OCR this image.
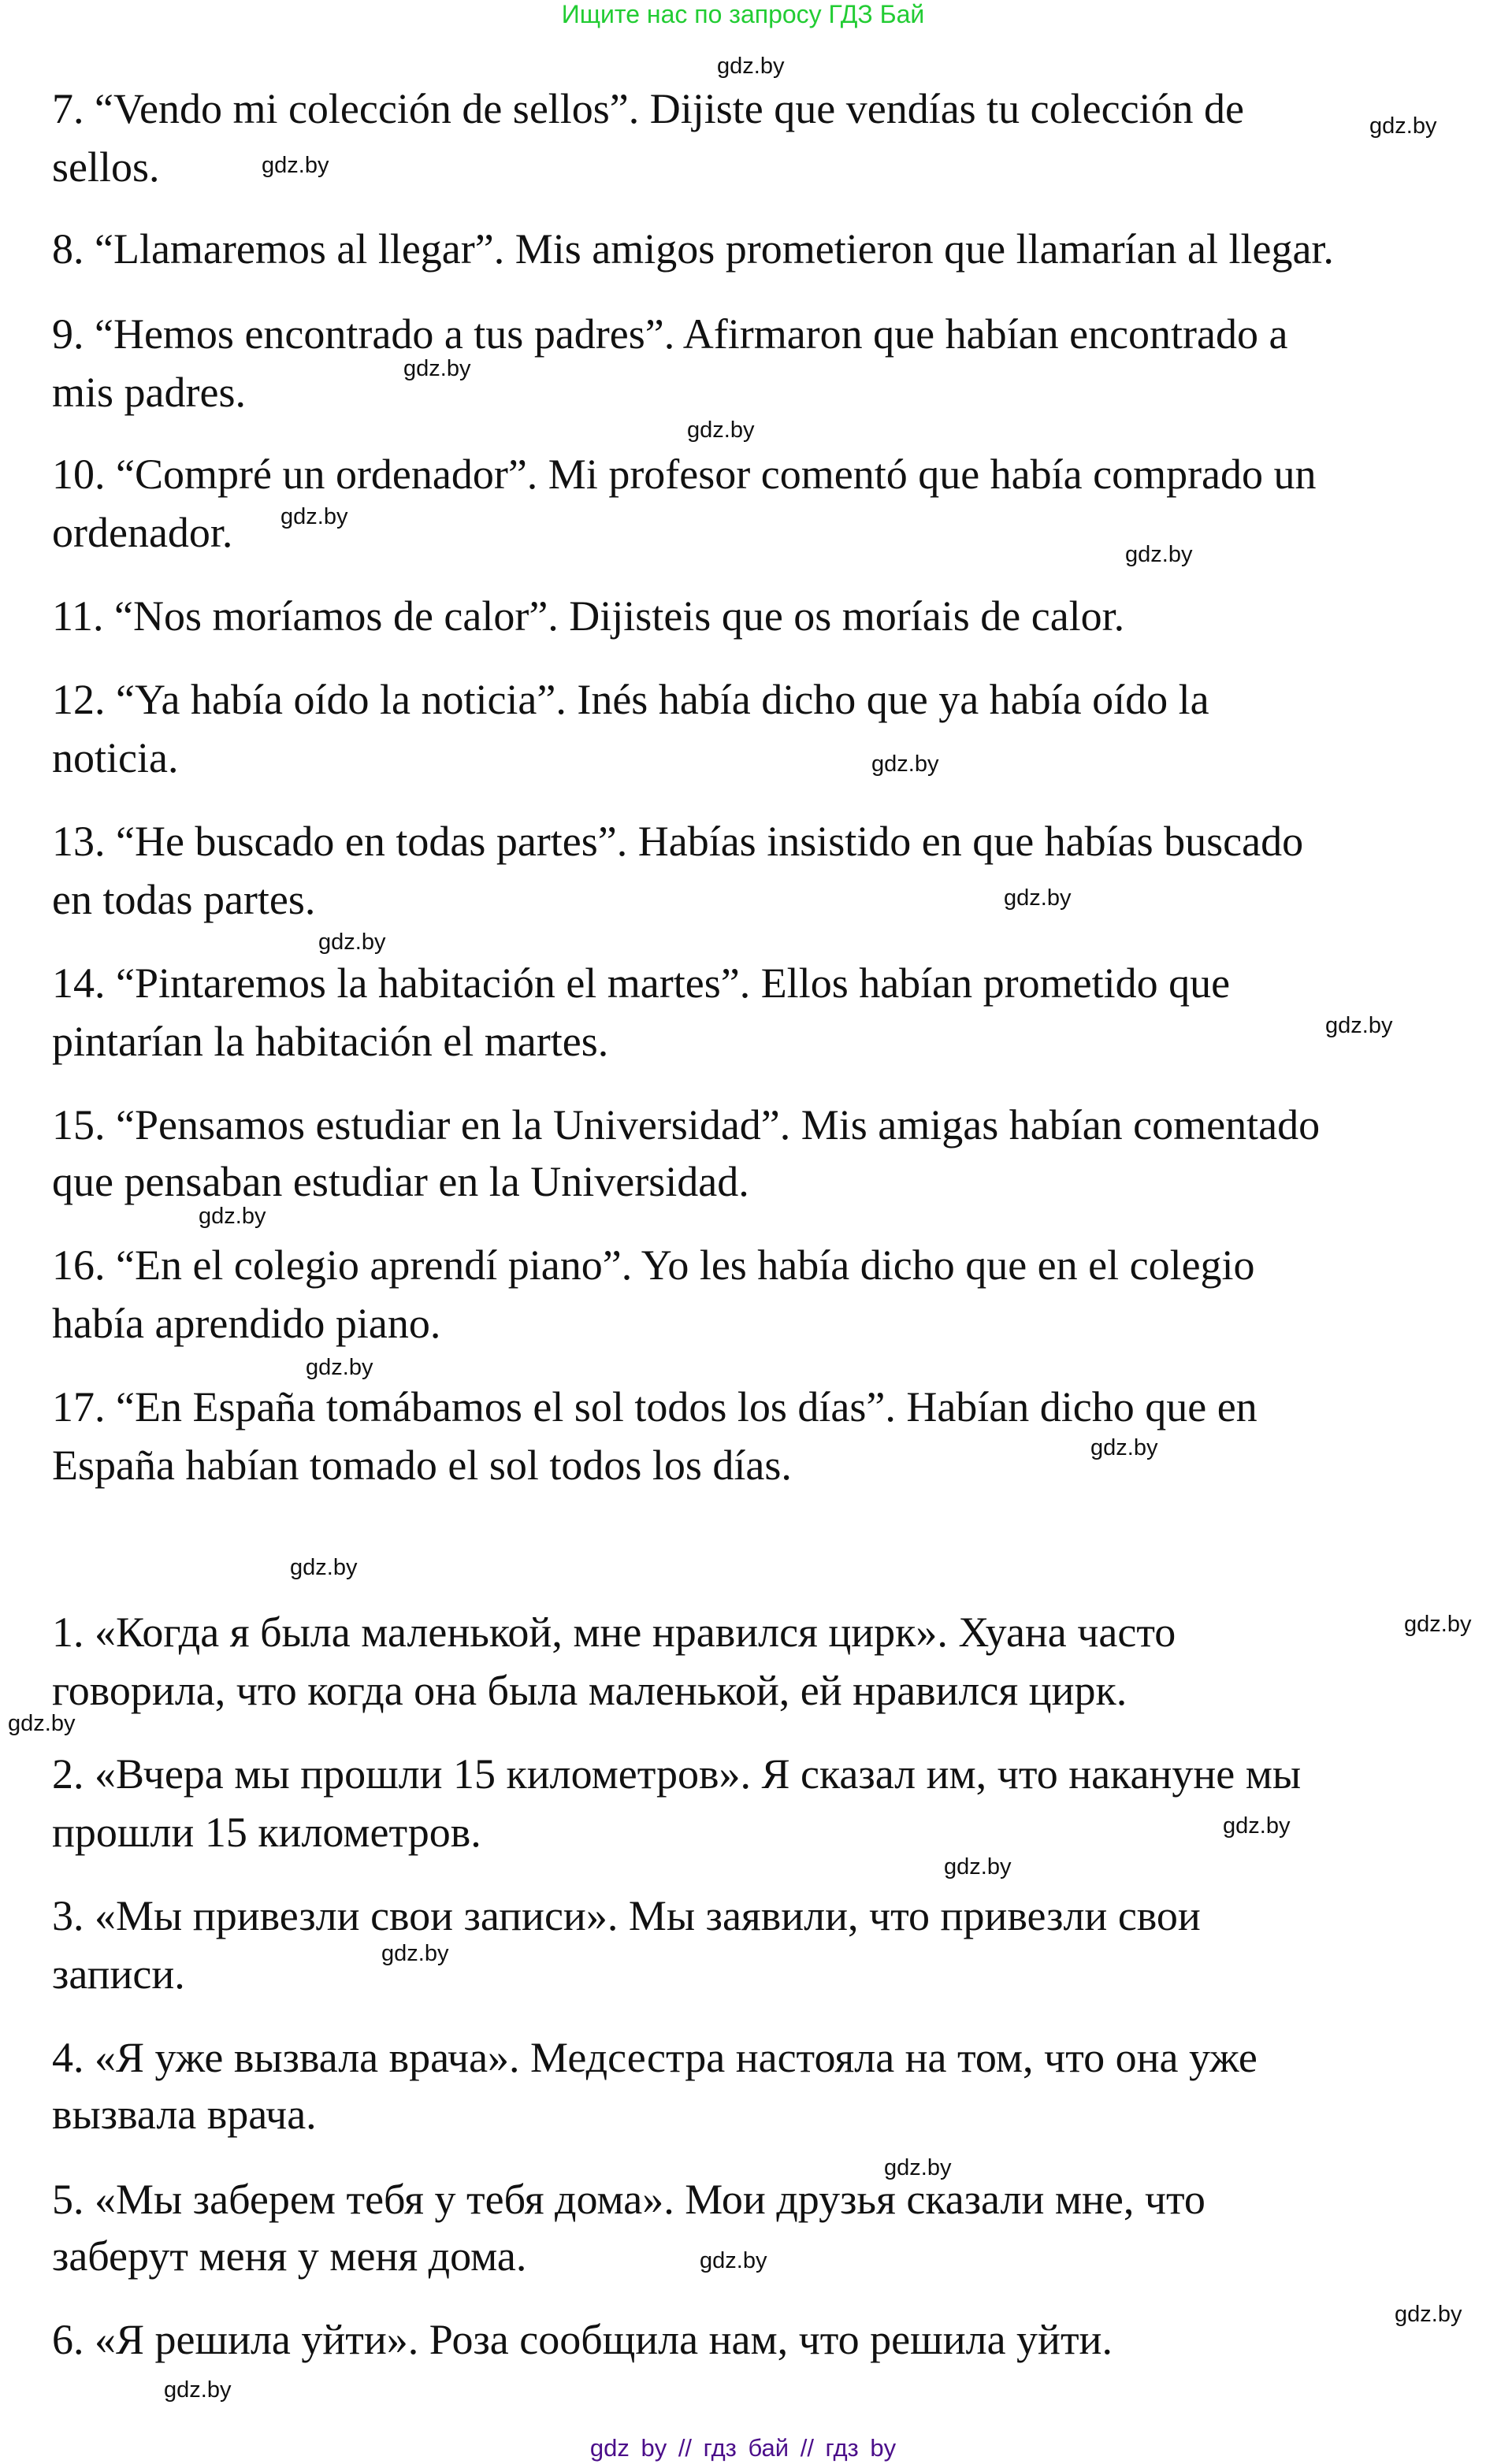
Ищите нас по запросу ГДЗ Бай
7. “Vendo mi colección de sellos”. Dijiste que vendías tu colección de
sellos.
8. “Llamaremos al llegar”. Mis amigos prometieron que llamarían al llegar.
9. “Hemos encontrado a tus padres”. Afirmaron que habían encontrado a
mis padres.
10. “Compré un ordenador”. Mi profesor comentó que había comprado un
ordenador.
11. “Nos moríamos de calor”. Dijisteis que os moríais de calor.
12. “Ya había oído la noticia”. Inés había dicho que ya había oído la
noticia.
13. “He buscado en todas partes”. Habías insistido en que habías buscado
en todas partes.
14. “Pintaremos la habitación el martes”. Ellos habían prometido que
pintarían la habitación el martes.
15. “Pensamos estudiar en la Universidad”. Mis amigas habían comentado
que pensaban estudiar en la Universidad.
16. “En el colegio aprendí piano”. Yo les había dicho que en el colegio
había aprendido piano.
17. “En España tomábamos el sol todos los días”. Habían dicho que en
España habían tomado el sol todos los días.
1. «Когда я была маленькой, мне нравился цирк». Хуана часто
говорила, что когда она была маленькой, ей нравился цирк.
2. «Вчера мы прошли 15 километров». Я сказал им, что накануне мы
прошли 15 километров.
3. «Мы привезли свои записи». Мы заявили, что привезли свои
записи.
4. «Я уже вызвала врача». Медсестра настояла на том, что она уже
вызвала врача.
5. «Мы заберем тебя у тебя дома». Мои друзья сказали мне, что
заберут меня у меня дома.
6. «Я решила уйти». Роза сообщила нам, что решила уйти.
gdz.by
gdz.by
gdz.by
gdz.by
gdz.by
gdz.by
gdz.by
gdz.by
gdz.by
gdz.by
gdz.by
gdz.by
gdz.by
gdz.by
gdz.by
gdz.by
gdz.by
gdz.by
gdz.by
gdz.by
gdz.by
gdz.by
gdz.by
gdz.by
gdz by // гдз бай // гдз by
